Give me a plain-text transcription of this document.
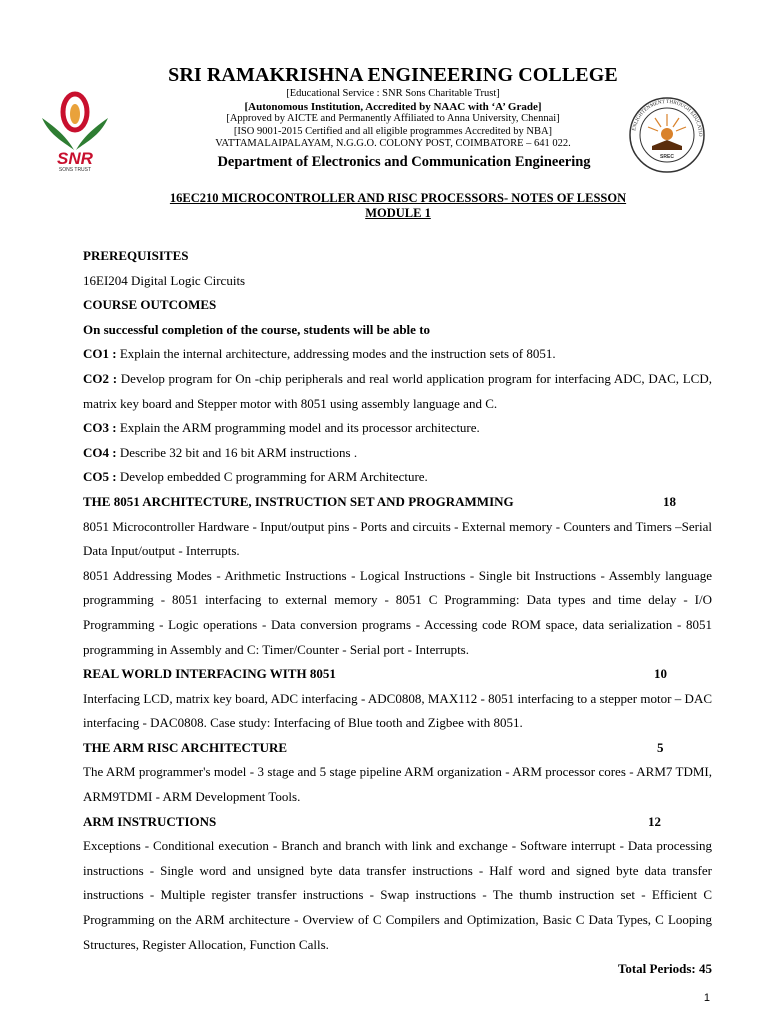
SNR
SONS TRUST
SRI RAMAKRISHNA ENGINEERING COLLEGE
[Educational Service : SNR Sons Charitable Trust]
[Autonomous Institution, Accredited by NAAC with ‘A’ Grade]
[Approved by AICTE and Permanently Affiliated to Anna University, Chennai]
[ISO 9001-2015 Certified and all eligible programmes Accredited by NBA]
VATTAMALAIPALAYAM, N.G.G.O. COLONY POST, COIMBATORE – 641 022.
Department of Electronics and Communication Engineering
ENLIGHTENMENT THROUGH EDUCATIO
SREC
16EC210 MICROCONTROLLER AND RISC PROCESSORS- NOTES OF LESSON
MODULE 1

PREREQUISITES

16EI204 Digital Logic Circuits

COURSE OUTCOMES

On successful completion of the course, students will be able to

CO1 : Explain the internal architecture, addressing modes and the instruction sets of 8051.

CO2 : Develop program for On -chip peripherals and real world application program for interfacing ADC, DAC, LCD, matrix key board and Stepper motor with 8051 using assembly language and C.

CO3 : Explain the ARM programming model and its processor architecture.

CO4 : Describe 32 bit and 16 bit ARM instructions .

CO5 : Develop embedded C programming for ARM Architecture.

THE 8051 ARCHITECTURE, INSTRUCTION SET AND PROGRAMMING	18

8051 Microcontroller Hardware - Input/output pins - Ports and circuits - External memory - Counters and Timers –Serial Data Input/output - Interrupts.

8051 Addressing Modes - Arithmetic Instructions - Logical Instructions - Single bit Instructions - Assembly language programming - 8051 interfacing to external memory - 8051 C Programming: Data types and time delay - I/O Programming - Logic operations - Data conversion programs - Accessing code ROM space, data serialization - 8051 programming in Assembly and C: Timer/Counter - Serial port - Interrupts.

REAL WORLD INTERFACING WITH 8051	10

Interfacing LCD, matrix key board, ADC interfacing - ADC0808, MAX112 - 8051 interfacing to a stepper motor – DAC interfacing - DAC0808. Case study: Interfacing of Blue tooth and Zigbee with 8051.

THE ARM RISC ARCHITECTURE	5

The ARM programmer's model - 3 stage and 5 stage pipeline ARM organization - ARM processor cores - ARM7 TDMI, ARM9TDMI - ARM Development Tools.

ARM INSTRUCTIONS	12

Exceptions - Conditional execution - Branch and branch with link and exchange - Software interrupt - Data processing instructions - Single word and unsigned byte data transfer instructions - Half word and signed byte data transfer instructions - Multiple register transfer instructions - Swap instructions - The thumb instruction set - Efficient C Programming on the ARM architecture - Overview of C Compilers and Optimization, Basic C Data Types, C Looping Structures, Register Allocation, Function Calls.

Total Periods: 45

1
